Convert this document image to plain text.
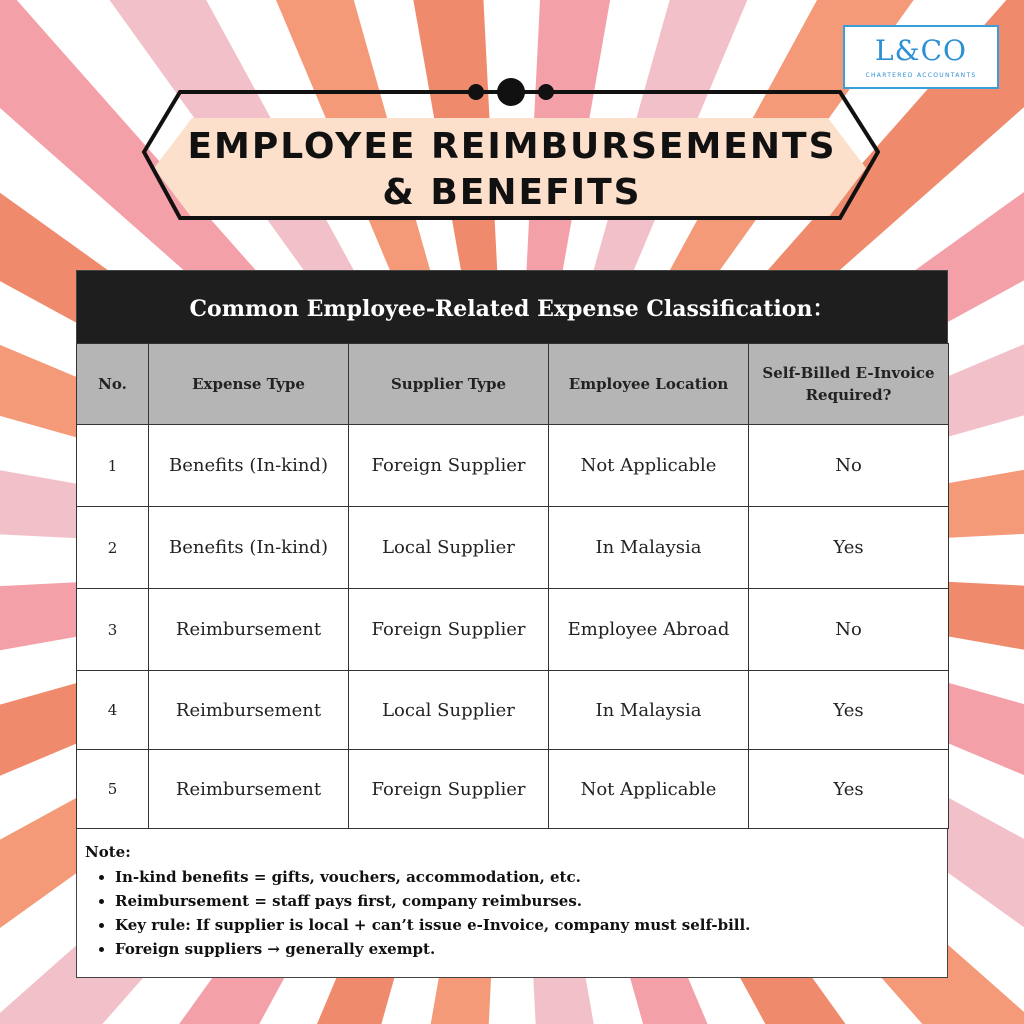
L&CO
CHARTERED ACCOUNTANTS
EMPLOYEE REIMBURSEMENTS
& BENEFITS
Common Employee-Related Expense Classification：
No.	Expense Type	Supplier Type	Employee Location	Self-Billed E-Invoice Required?
1	Benefits (In-kind)	Foreign Supplier	Not Applicable	No
2	Benefits (In-kind)	Local Supplier	In Malaysia	Yes
3	Reimbursement	Foreign Supplier	Employee Abroad	No
4	Reimbursement	Local Supplier	In Malaysia	Yes
5	Reimbursement	Foreign Supplier	Not Applicable	Yes
Note:
• In-kind benefits = gifts, vouchers, accommodation, etc.
• Reimbursement = staff pays first, company reimburses.
• Key rule: If supplier is local + can’t issue e-Invoice, company must self-bill.
• Foreign suppliers → generally exempt.
